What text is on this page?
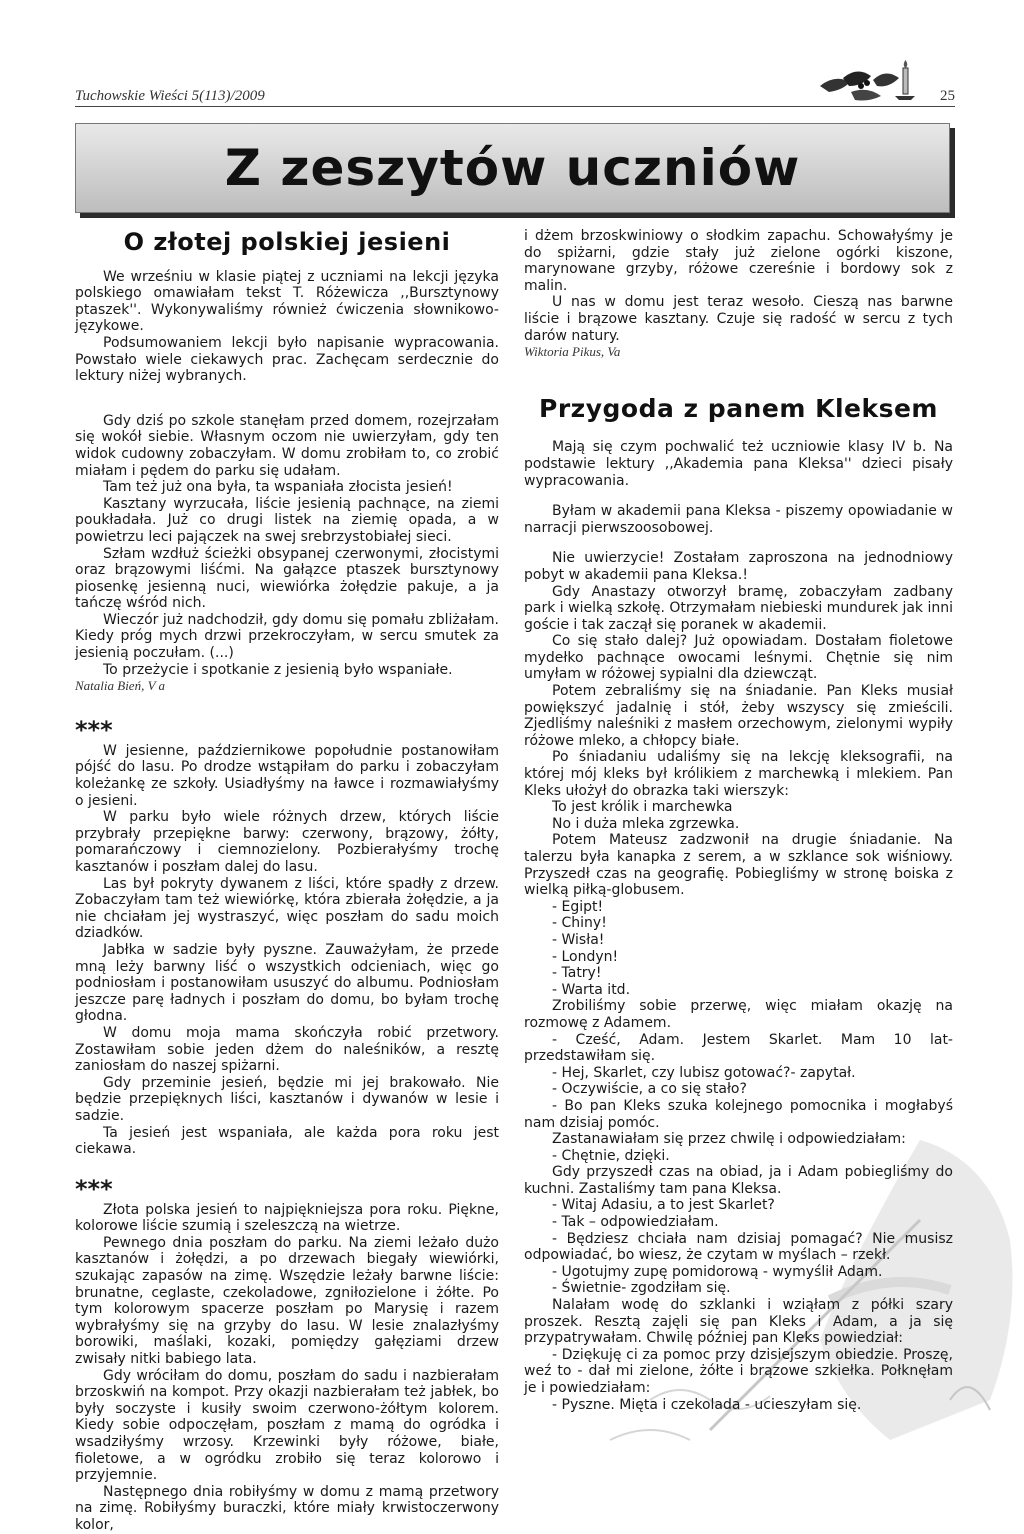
Tuchowskie Wieści 5(113)/2009	25
Z zeszytów uczniów
O złotej polskiej jesieni

We wrześniu w klasie piątej z uczniami na lekcji języka polskiego omawiałam tekst T. Różewicza ,,Bursztynowy ptaszek''. Wykonywaliśmy również ćwiczenia słownikowo-językowe.

Podsumowaniem lekcji było napisanie wypracowania. Powstało wiele ciekawych prac. Zachęcam serdecznie do lektury niżej wybranych.

Gdy dziś po szkole stanęłam przed domem, rozejrzałam się wokół siebie. Własnym oczom nie uwierzyłam, gdy ten widok cudowny zobaczyłam. W domu zrobiłam to, co zrobić miałam i pędem do parku się udałam.

Tam też już ona była, ta wspaniała złocista jesień!

Kasztany wyrzucała, liście jesienią pachnące, na ziemi poukładała. Już co drugi listek na ziemię opada, a w powietrzu leci pajączek na swej srebrzystobiałej sieci.

Szłam wzdłuż ścieżki obsypanej czerwonymi, złocistymi oraz brązowymi liśćmi. Na gałązce ptaszek bursztynowy piosenkę jesienną nuci, wiewiórka żołędzie pakuje, a ja tańczę wśród nich.

Wieczór już nadchodził, gdy domu się pomału zbliżałam. Kiedy próg mych drzwi przekroczyłam, w sercu smutek za jesienią poczułam. (...)

To przeżycie i spotkanie z jesienią było wspaniałe.

Natalia Bień, V a

***

W jesienne, październikowe popołudnie postanowiłam pójść do lasu. Po drodze wstąpiłam do parku i zobaczyłam koleżankę ze szkoły. Usiadłyśmy na ławce i rozmawiałyśmy o jesieni.

W parku było wiele różnych drzew, których liście przybrały przepiękne barwy: czerwony, brązowy, żółty, pomarańczowy i ciemnozielony. Pozbierałyśmy trochę kasztanów i poszłam dalej do lasu.

Las był pokryty dywanem z liści, które spadły z drzew. Zobaczyłam tam też wiewiórkę, która zbierała żołędzie, a ja nie chciałam jej wystraszyć, więc poszłam do sadu moich dziadków.

Jabłka w sadzie były pyszne. Zauważyłam, że przede mną leży barwny liść o wszystkich odcieniach, więc go podniosłam i postanowiłam ususzyć do albumu. Podniosłam jeszcze parę ładnych i poszłam do domu, bo byłam trochę głodna.

W domu moja mama skończyła robić przetwory. Zostawiłam sobie jeden dżem do naleśników, a resztę zaniosłam do naszej spiżarni.

Gdy przeminie jesień, będzie mi jej brakowało. Nie będzie przepięknych liści, kasztanów i dywanów w lesie i sadzie.

Ta jesień jest wspaniała, ale każda pora roku jest ciekawa.

***

Złota polska jesień to najpiękniejsza pora roku. Piękne, kolorowe liście szumią i szeleszczą na wietrze.

Pewnego dnia poszłam do parku. Na ziemi leżało dużo kasztanów i żołędzi, a po drzewach biegały wiewiórki, szukając zapasów na zimę. Wszędzie leżały barwne liście: brunatne, ceglaste, czekoladowe, zgniłozielone i żółte. Po tym kolorowym spacerze poszłam po Marysię i razem wybrałyśmy się na grzyby do lasu. W lesie znalazłyśmy borowiki, maślaki, kozaki, pomiędzy gałęziami drzew zwisały nitki babiego lata.

Gdy wróciłam do domu, poszłam do sadu i nazbierałam brzoskwiń na kompot. Przy okazji nazbierałam też jabłek, bo były soczyste i kusiły swoim czerwono-żółtym kolorem. Kiedy sobie odpoczęłam, poszłam z mamą do ogródka i wsadziłyśmy wrzosy. Krzewinki były różowe, białe, fioletowe, a w ogródku zrobiło się teraz kolorowo i przyjemnie.

Następnego dnia robiłyśmy w domu z mamą przetwory na zimę. Robiłyśmy buraczki, które miały krwistoczerwony kolor,

i dżem brzoskwiniowy o słodkim zapachu. Schowałyśmy je do spiżarni, gdzie stały już zielone ogórki kiszone, marynowane grzyby, różowe czereśnie i bordowy sok z malin.

U nas w domu jest teraz wesoło. Cieszą nas barwne liście i brązowe kasztany. Czuje się radość w sercu z tych darów natury.

Wiktoria Pikus, Va

Przygoda z panem Kleksem

Mają się czym pochwalić też uczniowie klasy IV b. Na podstawie lektury ,,Akademia pana Kleksa'' dzieci pisały wypracowania.

Byłam w akademii pana Kleksa - piszemy opowiadanie w narracji pierwszoosobowej.

Nie uwierzycie! Zostałam zaproszona na jednodniowy pobyt w akademii pana Kleksa.!

Gdy Anastazy otworzył bramę, zobaczyłam zadbany park i wielką szkołę. Otrzymałam niebieski mundurek jak inni goście i tak zaczął się poranek w akademii.

Co się stało dalej? Już opowiadam. Dostałam fioletowe mydełko pachnące owocami leśnymi. Chętnie się nim umyłam w różowej sypialni dla dziewcząt.

Potem zebraliśmy się na śniadanie. Pan Kleks musiał powiększyć jadalnię i stół, żeby wszyscy się zmieścili. Zjedliśmy naleśniki z masłem orzechowym, zielonymi wypiły różowe mleko, a chłopcy białe.

Po śniadaniu udaliśmy się na lekcję kleksografii, na której mój kleks był królikiem z marchewką i mlekiem. Pan Kleks ułożył do obrazka taki wierszyk:

To jest królik i marchewka

No i duża mleka zgrzewka.

Potem Mateusz zadzwonił na drugie śniadanie. Na talerzu była kanapka z serem, a w szklance sok wiśniowy. Przyszedł czas na geografię. Pobiegliśmy w stronę boiska z wielką piłką-globusem.

- Egipt!

- Chiny!

- Wisła!

- Londyn!

- Tatry!

- Warta itd.

Zrobiliśmy sobie przerwę, więc miałam okazję na rozmowę z Adamem.

- Cześć, Adam. Jestem Skarlet. Mam 10 lat- przedstawiłam się.

- Hej, Skarlet, czy lubisz gotować?- zapytał.

- Oczywiście, a co się stało?

- Bo pan Kleks szuka kolejnego pomocnika i mogłabyś nam dzisiaj pomóc.

Zastanawiałam się przez chwilę i odpowiedziałam:

- Chętnie, dzięki.

Gdy przyszedł czas na obiad, ja i Adam pobiegliśmy do kuchni. Zastaliśmy tam pana Kleksa.

- Witaj Adasiu, a to jest Skarlet?

- Tak – odpowiedziałam.

- Będziesz chciała nam dzisiaj pomagać? Nie musisz odpowiadać, bo wiesz, że czytam w myślach – rzekł.

- Ugotujmy zupę pomidorową - wymyślił Adam.

- Świetnie- zgodziłam się.

Nalałam wodę do szklanki i wziąłam z półki szary proszek. Resztą zajęli się pan Kleks i Adam, a ja się przypatrywałam. Chwilę później pan Kleks powiedział:

- Dziękuję ci za pomoc przy dzisiejszym obiedzie. Proszę, weź to - dał mi zielone, żółte i brązowe szkiełka. Połknęłam je i powiedziałam:

- Pyszne. Mięta i czekolada - ucieszyłam się.
